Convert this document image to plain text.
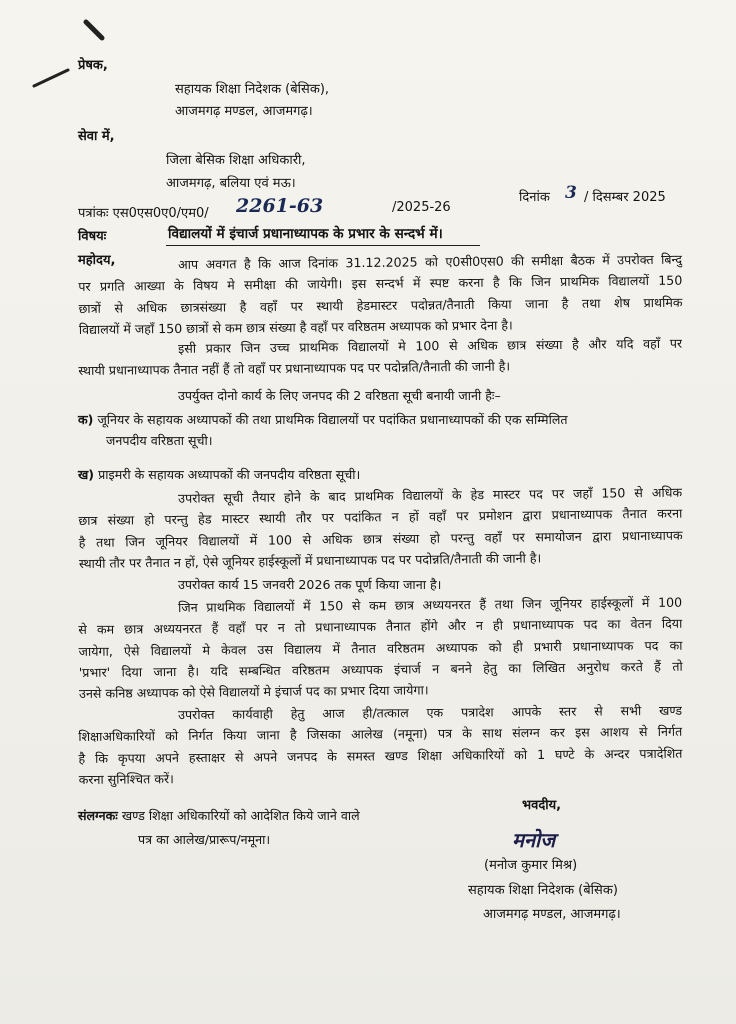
प्रेषक,
सहायक शिक्षा निदेशक (बेसिक),
आजमगढ़ मण्डल, आजमगढ़।
सेवा में,
जिला बेसिक शिक्षा अधिकारी,
आजमगढ़, बलिया एवं मऊ।
पत्रांकः एस0एस0ए0/एम0/ 2261-63	/2025-26
दिनांक 3 / दिसम्बर 2025
विषयः	विद्यालयों में इंचार्ज प्रधानाध्यापक के प्रभार के सन्दर्भ में।
महोदय,	आप अवगत है कि आज दिनांक 31.12.2025 को ए0सी0एस0 की समीक्षा बैठक में उपरोक्त बिन्दु
पर प्रगति आख्या के विषय मे समीक्षा की जायेगी। इस सन्दर्भ में स्पष्ट करना है कि जिन प्राथमिक विद्यालयों 150
छात्रों से अधिक छात्रसंख्या है वहाँ पर स्थायी हेडमास्टर पदोन्नत/तैनाती किया जाना है तथा शेष प्राथमिक
विद्यालयों में जहाँ 150 छात्रों से कम छात्र संख्या है वहाँ पर वरिष्ठतम अध्यापक को प्रभार देना है।
इसी प्रकार जिन उच्च प्राथमिक विद्यालयों मे 100 से अधिक छात्र संख्या है और यदि वहाँ पर
स्थायी प्रधानाध्यापक तैनात नहीं हैं तो वहाँ पर प्रधानाध्यापक पद पर पदोन्नति/तैनाती की जानी है।
उपर्युक्त दोनो कार्य के लिए जनपद की 2 वरिष्ठता सूची बनायी जानी हैः–
क) जूनियर के सहायक अध्यापकों की तथा प्राथमिक विद्यालयों पर पदांकित प्रधानाध्यापकों की एक सम्मिलित
जनपदीय वरिष्ठता सूची।
ख) प्राइमरी के सहायक अध्यापकों की जनपदीय वरिष्ठता सूची।
उपरोक्त सूची तैयार होने के बाद प्राथमिक विद्यालयों के हेड मास्टर पद पर जहाँ 150 से अधिक
छात्र संख्या हो परन्तु हेड मास्टर स्थायी तौर पर पदांकित न हों वहाँ पर प्रमोशन द्वारा प्रधानाध्यापक तैनात करना
है तथा जिन जूनियर विद्यालयों में 100 से अधिक छात्र संख्या हो परन्तु वहाँ पर समायोजन द्वारा प्रधानाध्यापक
स्थायी तौर पर तैनात न हों, ऐसे जूनियर हाईस्कूलों में प्रधानाध्यापक पद पर पदोन्नति/तैनाती की जानी है।
उपरोक्त कार्य 15 जनवरी 2026 तक पूर्ण किया जाना है।
जिन प्राथमिक विद्यालयों में 150 से कम छात्र अध्ययनरत हैं तथा जिन जूनियर हाईस्कूलों में 100
से कम छात्र अध्ययनरत हैं वहाँ पर न तो प्रधानाध्यापक तैनात होंगे और न ही प्रधानाध्यापक पद का वेतन दिया
जायेगा, ऐसे विद्यालयों मे केवल उस विद्यालय में तैनात वरिष्ठतम अध्यापक को ही प्रभारी प्रधानाध्यापक पद का
'प्रभार' दिया जाना है। यदि सम्बन्धित वरिष्ठतम अध्यापक इंचार्ज न बनने हेतु का लिखित अनुरोध करते हैं तो
उनसे कनिष्ठ अध्यापक को ऐसे विद्यालयों मे इंचार्ज पद का प्रभार दिया जायेगा।
उपरोक्त कार्यवाही हेतु आज ही/तत्काल एक पत्रादेश आपके स्तर से सभी खण्ड
शिक्षाअधिकारियों को निर्गत किया जाना है जिसका आलेख (नमूना) पत्र के साथ संलग्न कर इस आशय से निर्गत
है कि कृपया अपने हस्ताक्षर से अपने जनपद के समस्त खण्ड शिक्षा अधिकारियों को 1 घण्टे के अन्दर पत्रादेशित
करना सुनिश्चित करें।
संलग्नकः खण्ड शिक्षा अधिकारियों को आदेशित किये जाने वाले
पत्र का आलेख/प्रारूप/नमूना।
भवदीय,
मनोज
(मनोज कुमार मिश्र)
सहायक शिक्षा निदेशक (बेसिक)
आजमगढ़ मण्डल, आजमगढ़।
